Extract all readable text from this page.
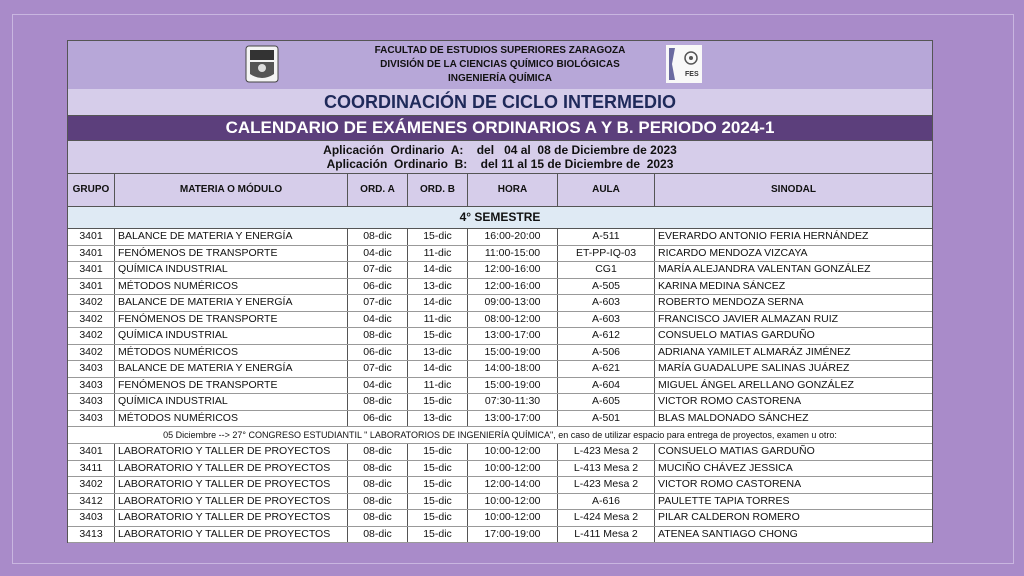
FACULTAD DE ESTUDIOS SUPERIORES ZARAGOZA
DIVISIÓN DE LA CIENCIAS QUÍMICO BIOLÓGICAS
INGENIERÍA QUÍMICA	FES
COORDINACIÓN DE CICLO INTERMEDIO
CALENDARIO DE EXÁMENES ORDINARIOS A Y B. PERIODO 2024-1
Aplicación  Ordinario  A:    del   04 al  08 de Diciembre de 2023
Aplicación  Ordinario  B:    del 11 al 15 de Diciembre de  2023
GRUPO	MATERIA O MÓDULO	ORD. A	ORD. B	HORA	AULA	SINODAL
4° SEMESTRE
3401	BALANCE DE MATERIA Y ENERGÍA	08-dic	15-dic	16:00-20:00	A-511	EVERARDO ANTONIO FERIA HERNÁNDEZ
3401	FENÓMENOS DE TRANSPORTE	04-dic	11-dic	11:00-15:00	ET-PP-IQ-03	RICARDO MENDOZA VIZCAYA
3401	QUÍMICA INDUSTRIAL	07-dic	14-dic	12:00-16:00	CG1	MARÍA ALEJANDRA VALENTAN GONZÁLEZ
3401	MÉTODOS NUMÉRICOS	06-dic	13-dic	12:00-16:00	A-505	KARINA MEDINA SÁNCEZ
3402	BALANCE DE MATERIA Y ENERGÍA	07-dic	14-dic	09:00-13:00	A-603	ROBERTO MENDOZA SERNA
3402	FENÓMENOS DE TRANSPORTE	04-dic	11-dic	08:00-12:00	A-603	FRANCISCO JAVIER ALMAZAN RUIZ
3402	QUÍMICA INDUSTRIAL	08-dic	15-dic	13:00-17:00	A-612	CONSUELO MATIAS GARDUÑO
3402	MÉTODOS NUMÉRICOS	06-dic	13-dic	15:00-19:00	A-506	ADRIANA YAMILET ALMARÁZ JIMÉNEZ
3403	BALANCE DE MATERIA Y ENERGÍA	07-dic	14-dic	14:00-18:00	A-621	MARÍA GUADALUPE SALINAS JUÁREZ
3403	FENÓMENOS DE TRANSPORTE	04-dic	11-dic	15:00-19:00	A-604	MIGUEL ÁNGEL ARELLANO GONZÁLEZ
3403	QUÍMICA INDUSTRIAL	08-dic	15-dic	07:30-11:30	A-605	VICTOR ROMO CASTORENA
3403	MÉTODOS NUMÉRICOS	06-dic	13-dic	13:00-17:00	A-501	BLAS MALDONADO SÁNCHEZ
05 Diciembre --> 27° CONGRESO ESTUDIANTIL " LABORATORIOS DE INGENIERÍA QUÍMICA", en caso de utilizar espacio para entrega de proyectos, examen u otro:
3401	LABORATORIO Y TALLER DE PROYECTOS	08-dic	15-dic	10:00-12:00	L-423 Mesa 2	CONSUELO MATIAS GARDUÑO
3411	LABORATORIO Y TALLER DE PROYECTOS	08-dic	15-dic	10:00-12:00	L-413 Mesa 2	MUCIÑO CHÁVEZ JESSICA
3402	LABORATORIO Y TALLER DE PROYECTOS	08-dic	15-dic	12:00-14:00	L-423 Mesa 2	VICTOR ROMO CASTORENA
3412	LABORATORIO Y TALLER DE PROYECTOS	08-dic	15-dic	10:00-12:00	A-616	PAULETTE TAPIA TORRES
3403	LABORATORIO Y TALLER DE PROYECTOS	08-dic	15-dic	10:00-12:00	L-424 Mesa 2	PILAR CALDERON ROMERO
3413	LABORATORIO Y TALLER DE PROYECTOS	08-dic	15-dic	17:00-19:00	L-411 Mesa 2	ATENEA SANTIAGO CHONG
